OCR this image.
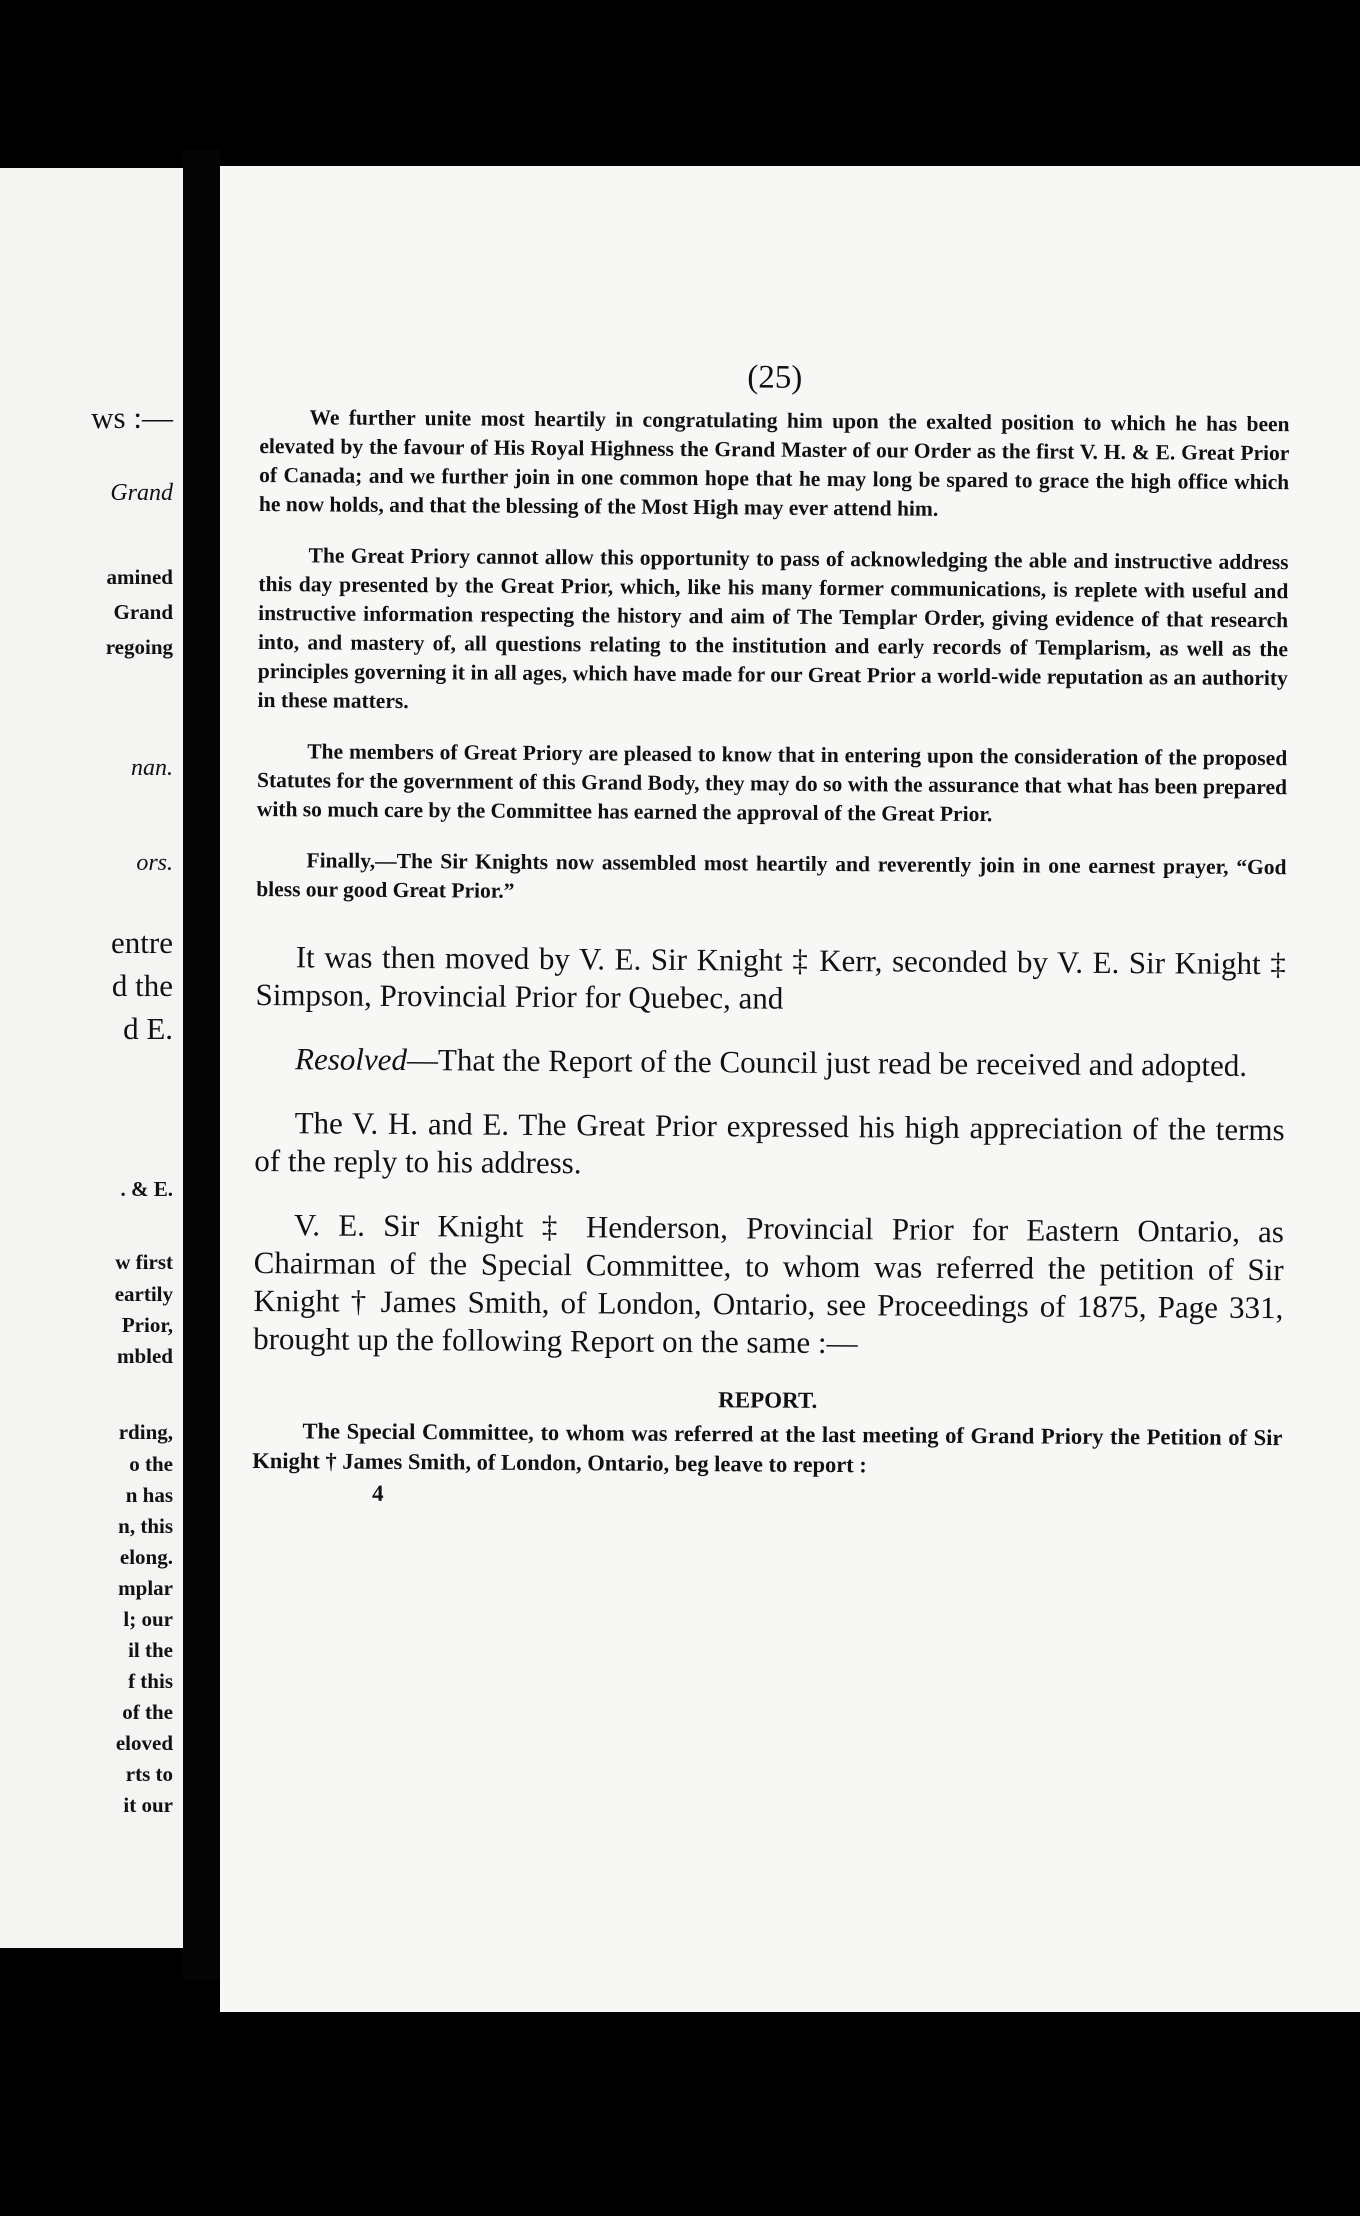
ws :—

Grand

amined

Grand

regoing

nan.

ors.

entre

d the

d E.

. & E.

w first

eartily

Prior,

mbled

rding,

o the

n has

n, this

elong.

mplar

l; our

il the

f this

of the

eloved

rts to

it our

(25)

We further unite most heartily in congratulating him upon the exalted position to which he has been elevated by the favour of His Royal Highness the Grand Master of our Order as the first V. H. & E. Great Prior of Canada; and we further join in one common hope that he may long be spared to grace the high office which he now holds, and that the blessing of the Most High may ever attend him.

The Great Priory cannot allow this opportunity to pass of acknowledging the able and instructive address this day presented by the Great Prior, which, like his many former communications, is replete with useful and instructive information respecting the history and aim of The Templar Order, giving evidence of that research into, and mastery of, all questions relating to the institution and early records of Templarism, as well as the principles governing it in all ages, which have made for our Great Prior a world-wide reputation as an authority in these matters.

The members of Great Priory are pleased to know that in entering upon the consideration of the proposed Statutes for the government of this Grand Body, they may do so with the assurance that what has been prepared with so much care by the Committee has earned the approval of the Great Prior.

Finally,—The Sir Knights now assembled most heartily and reverently join in one earnest prayer, “God bless our good Great Prior.”

It was then moved by V. E. Sir Knight ‡ Kerr, seconded by V. E. Sir Knight ‡ Simpson, Provincial Prior for Quebec, and

Resolved—That the Report of the Council just read be received and adopted.

The V. H. and E. The Great Prior expressed his high appreciation of the terms of the reply to his address.

V. E. Sir Knight ‡ Henderson, Provincial Prior for Eastern Ontario, as Chairman of the Special Committee, to whom was referred the petition of Sir Knight † James Smith, of London, Ontario, see Proceedings of 1875, Page 331, brought up the following Report on the same :—

REPORT.

The Special Committee, to whom was referred at the last meeting of Grand Priory the Petition of Sir Knight † James Smith, of London, Ontario, beg leave to report :

4
